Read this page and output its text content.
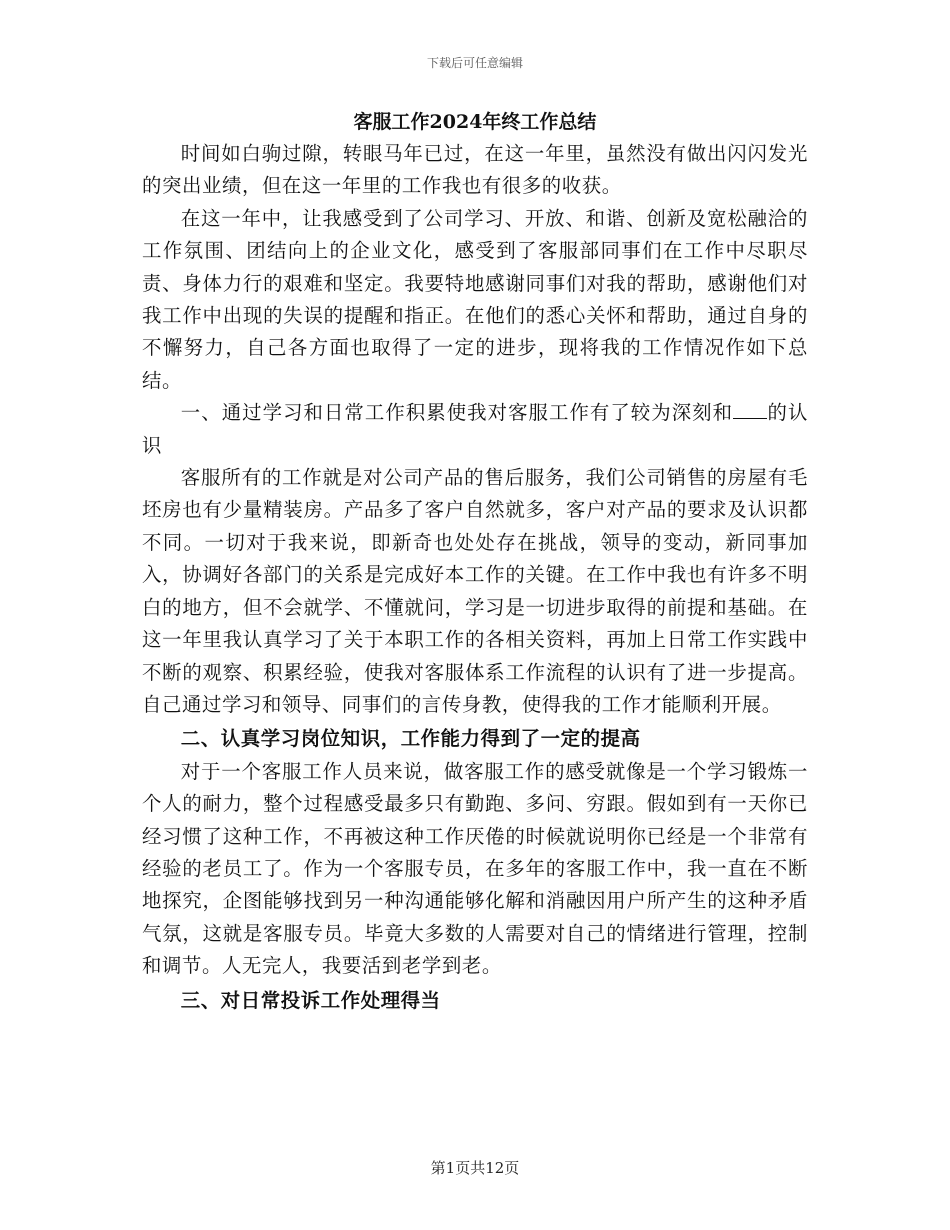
下载后可任意编辑

客服工作2024年终工作总结

时间如白驹过隙，转眼马年已过，在这一年里，虽然没有做出闪闪发光的突出业绩，但在这一年里的工作我也有很多的收获。

在这一年中，让我感受到了公司学习、开放、和谐、创新及宽松融洽的工作氛围、团结向上的企业文化，感受到了客服部同事们在工作中尽职尽责、身体力行的艰难和坚定。我要特地感谢同事们对我的帮助，感谢他们对我工作中出现的失误的提醒和指正。在他们的悉心关怀和帮助，通过自身的不懈努力，自己各方面也取得了一定的进步，现将我的工作情况作如下总结。

一、通过学习和日常工作积累使我对客服工作有了较为深刻和 的认识

客服所有的工作就是对公司产品的售后服务，我们公司销售的房屋有毛坯房也有少量精装房。产品多了客户自然就多，客户对产品的要求及认识都不同。一切对于我来说，即新奇也处处存在挑战，领导的变动，新同事加入，协调好各部门的关系是完成好本工作的关键。在工作中我也有许多不明白的地方，但不会就学、不懂就问，学习是一切进步取得的前提和基础。在这一年里我认真学习了关于本职工作的各相关资料，再加上日常工作实践中不断的观察、积累经验，使我对客服体系工作流程的认识有了进一步提高。自己通过学习和领导、同事们的言传身教，使得我的工作才能顺利开展。

二、认真学习岗位知识，工作能力得到了一定的提高

对于一个客服工作人员来说，做客服工作的感受就像是一个学习锻炼一个人的耐力，整个过程感受最多只有勤跑、多问、穷跟。假如到有一天你已经习惯了这种工作，不再被这种工作厌倦的时候就说明你已经是一个非常有经验的老员工了。作为一个客服专员，在多年的客服工作中，我一直在不断地探究，企图能够找到另一种沟通能够化解和消融因用户所产生的这种矛盾气氛，这就是客服专员。毕竟大多数的人需要对自己的情绪进行管理，控制和调节。人无完人，我要活到老学到老。

三、对日常投诉工作处理得当

第1页共12页
